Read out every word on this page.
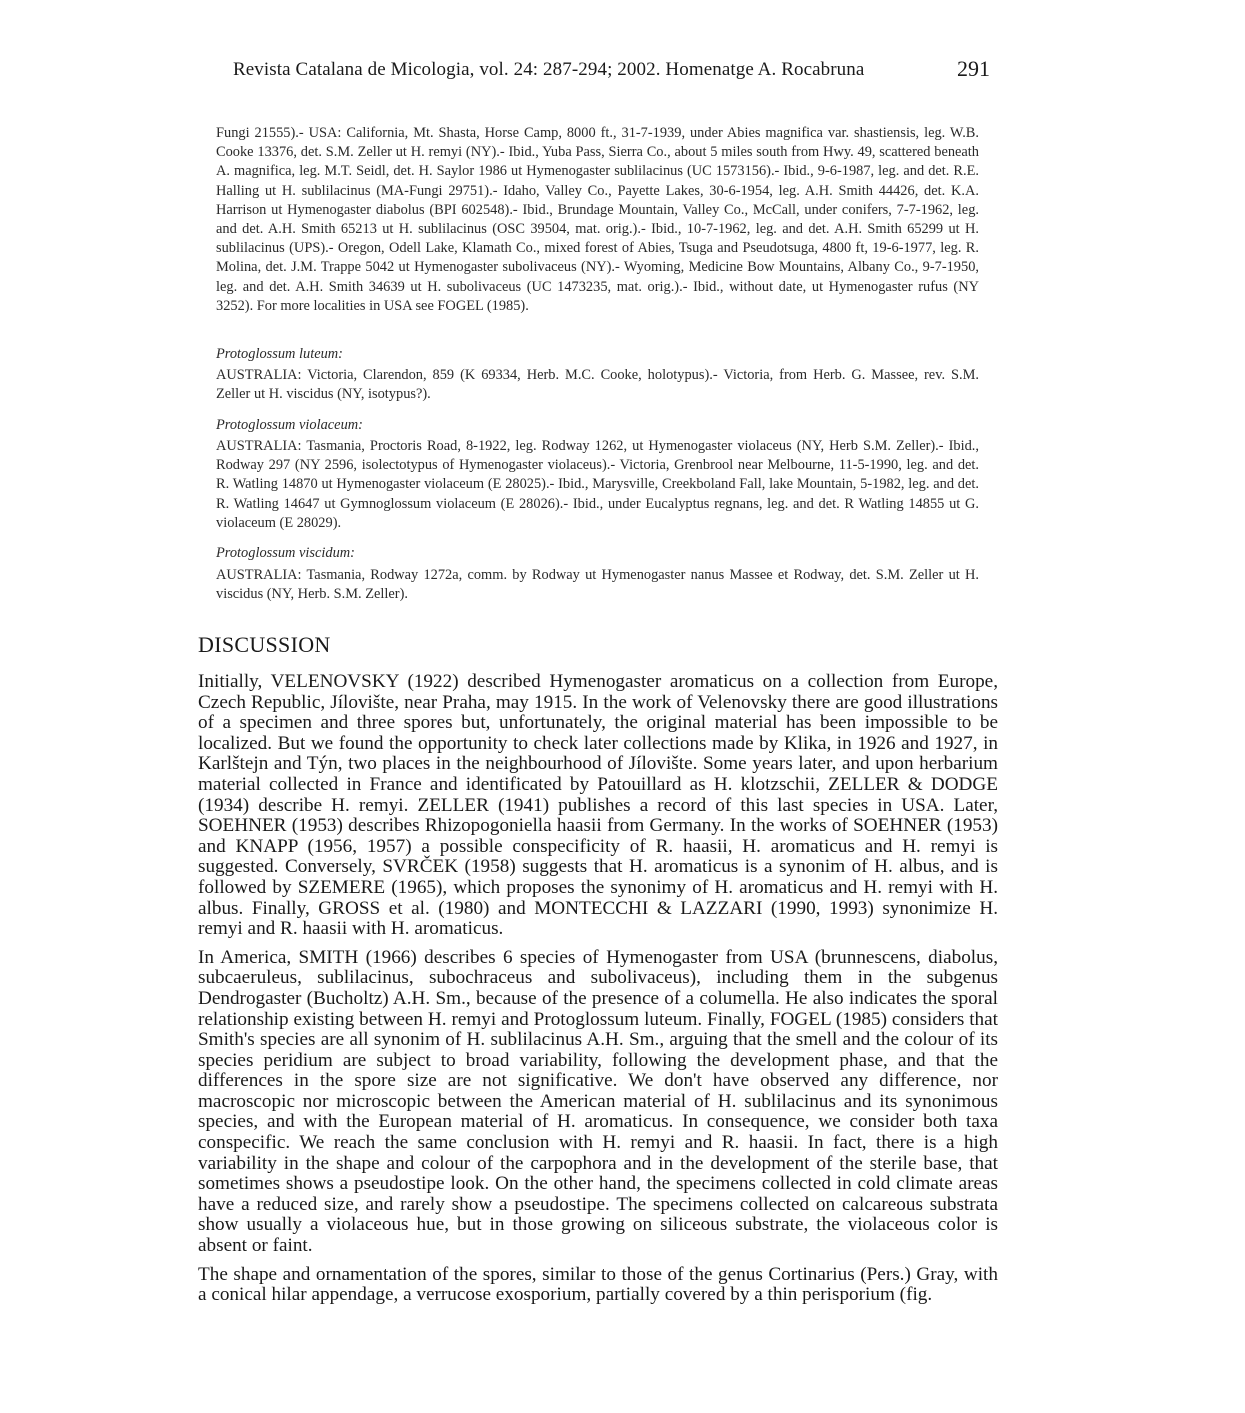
Revista Catalana de Micologia, vol. 24: 287-294; 2002. Homenatge A. Rocabruna	291

Fungi 21555).- USA: California, Mt. Shasta, Horse Camp, 8000 ft., 31-7-1939, under Abies magnifica var. shastiensis, leg. W.B. Cooke 13376, det. S.M. Zeller ut H. remyi (NY).- Ibid., Yuba Pass, Sierra Co., about 5 miles south from Hwy. 49, scattered beneath A. magnifica, leg. M.T. Seidl, det. H. Saylor 1986 ut Hymenogaster sublilacinus (UC 1573156).- Ibid., 9-6-1987, leg. and det. R.E. Halling ut H. sublilacinus (MA-Fungi 29751).- Idaho, Valley Co., Payette Lakes, 30-6-1954, leg. A.H. Smith 44426, det. K.A. Harrison ut Hymenogaster diabolus (BPI 602548).- Ibid., Brundage Mountain, Valley Co., McCall, under conifers, 7-7-1962, leg. and det. A.H. Smith 65213 ut H. sublilacinus (OSC 39504, mat. orig.).- Ibid., 10-7-1962, leg. and det. A.H. Smith 65299 ut H. sublilacinus (UPS).- Oregon, Odell Lake, Klamath Co., mixed forest of Abies, Tsuga and Pseudotsuga, 4800 ft, 19-6-1977, leg. R. Molina, det. J.M. Trappe 5042 ut Hymenogaster subolivaceus (NY).- Wyoming, Medicine Bow Mountains, Albany Co., 9-7-1950, leg. and det. A.H. Smith 34639 ut H. subolivaceus (UC 1473235, mat. orig.).- Ibid., without date, ut Hymenogaster rufus (NY 3252). For more localities in USA see FOGEL (1985).

Protoglossum luteum:

AUSTRALIA: Victoria, Clarendon, 859 (K 69334, Herb. M.C. Cooke, holotypus).- Victoria, from Herb. G. Massee, rev. S.M. Zeller ut H. viscidus (NY, isotypus?).

Protoglossum violaceum:

AUSTRALIA: Tasmania, Proctoris Road, 8-1922, leg. Rodway 1262, ut Hymenogaster violaceus (NY, Herb S.M. Zeller).- Ibid., Rodway 297 (NY 2596, isolectotypus of Hymenogaster violaceus).- Victoria, Grenbrool near Melbourne, 11-5-1990, leg. and det. R. Watling 14870 ut Hymenogaster violaceum (E 28025).- Ibid., Marysville, Creekboland Fall, lake Mountain, 5-1982, leg. and det. R. Watling 14647 ut Gymnoglossum violaceum (E 28026).- Ibid., under Eucalyptus regnans, leg. and det. R Watling 14855 ut G. violaceum (E 28029).

Protoglossum viscidum:

AUSTRALIA: Tasmania, Rodway 1272a, comm. by Rodway ut Hymenogaster nanus Massee et Rodway, det. S.M. Zeller ut H. viscidus (NY, Herb. S.M. Zeller).

DISCUSSION

Initially, VELENOVSKY (1922) described Hymenogaster aromaticus on a collection from Europe, Czech Republic, Jílovište, near Praha, may 1915. In the work of Velenovsky there are good illustrations of a specimen and three spores but, unfortunately, the original material has been impossible to be localized. But we found the opportunity to check later collections made by Klika, in 1926 and 1927, in Karlštejn and Týn, two places in the neighbourhood of Jílovište. Some years later, and upon herbarium material collected in France and identificated by Patouillard as H. klotzschii, ZELLER & DODGE (1934) describe H. remyi. ZELLER (1941) publishes a record of this last species in USA. Later, SOEHNER (1953) describes Rhizopogoniella haasii from Germany. In the works of SOEHNER (1953) and KNAPP (1956, 1957) a possible conspecificity of R. haasii, H. aromaticus and H. remyi is suggested. Conversely, SVRČEK (1958) suggests that H. aromaticus is a synonim of H. albus, and is followed by SZEMERE (1965), which proposes the synonimy of H. aromaticus and H. remyi with H. albus. Finally, GROSS et al. (1980) and MONTECCHI & LAZZARI (1990, 1993) synonimize H. remyi and R. haasii with H. aromaticus.

In America, SMITH (1966) describes 6 species of Hymenogaster from USA (brunnescens, diabolus, subcaeruleus, sublilacinus, subochraceus and subolivaceus), including them in the subgenus Dendrogaster (Bucholtz) A.H. Sm., because of the presence of a columella. He also indicates the sporal relationship existing between H. remyi and Protoglossum luteum. Finally, FOGEL (1985) considers that Smith's species are all synonim of H. sublilacinus A.H. Sm., arguing that the smell and the colour of its species peridium are subject to broad variability, following the development phase, and that the differences in the spore size are not significative. We don't have observed any difference, nor macroscopic nor microscopic between the American material of H. sublilacinus and its synonimous species, and with the European material of H. aromaticus. In consequence, we consider both taxa conspecific. We reach the same conclusion with H. remyi and R. haasii. In fact, there is a high variability in the shape and colour of the carpophora and in the development of the sterile base, that sometimes shows a pseudostipe look. On the other hand, the specimens collected in cold climate areas have a reduced size, and rarely show a pseudostipe. The specimens collected on calcareous substrata show usually a violaceous hue, but in those growing on siliceous substrate, the violaceous color is absent or faint.

The shape and ornamentation of the spores, similar to those of the genus Cortinarius (Pers.) Gray, with a conical hilar appendage, a verrucose exosporium, partially covered by a thin perisporium (fig.
